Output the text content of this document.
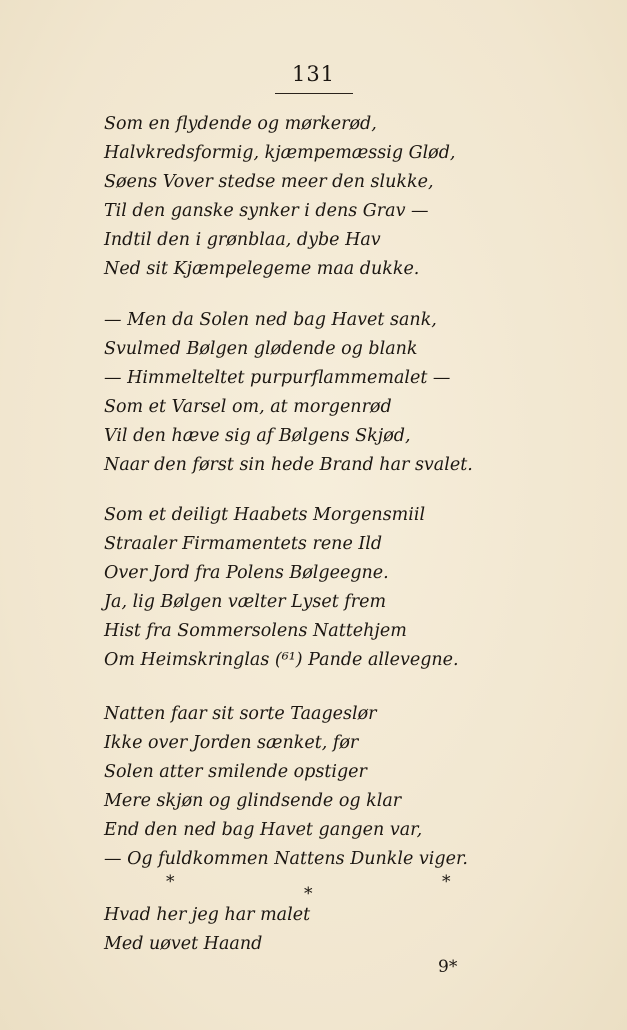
131
Som en flydende og mørkerød,
Halvkredsformig, kjæmpemæssig Glød,
Søens Vover stedse meer den slukke,
Til den ganske synker i dens Grav —
Indtil den i grønblaa, dybe Hav
Ned sit Kjæmpelegeme maa dukke.
— Men da Solen ned bag Havet sank,
Svulmed Bølgen glødende og blank
— Himmelteltet purpurflammemalet —
Som et Varsel om, at morgenrød
Vil den hæve sig af Bølgens Skjød,
Naar den først sin hede Brand har svalet.
Som et deiligt Haabets Morgensmiil
Straaler Firmamentets rene Ild
Over Jord fra Polens Bølgeegne.
Ja, lig Bølgen vælter Lyset frem
Hist fra Sommersolens Nattehjem
Om Heimskringlas (⁶¹) Pande allevegne.
Natten faar sit sorte Taageslør
Ikke over Jorden sænket, før
Solen atter smilende opstiger
Mere skjøn og glindsende og klar
End den ned bag Havet gangen var,
— Og fuldkommen Nattens Dunkle viger.
*
*
*
Hvad her jeg har malet
Med uøvet Haand
9*
